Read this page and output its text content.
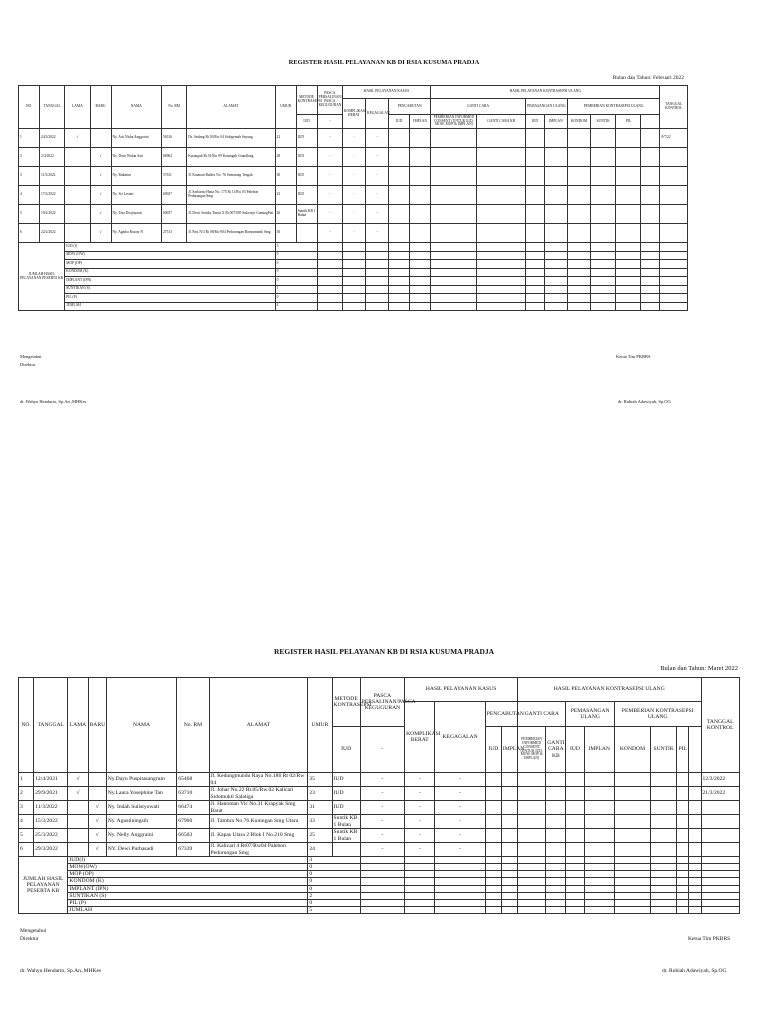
REGISTER HASIL PELAYANAN KB DI RSIA KUSUMA PRADJA
Bulan dan Tahun: Februari 2022
NO.	TANGGAL	LAMA	BARU	NAMA	No. RM	ALAMAT	UMUR	METODE KONTRASEPSI	PASCA PERSALINAN/ PASCA KEGUGURAN	HASIL PELAYANAN KASUS				HASIL PELAYANAN KONTRASEPSI ULANG								TANGGAL KONTROL
										KOMPLIKASI BERAT	KEGAGALAN	PENCABUTAN		GANTI CARA		PEMASANGAN ULANG		PEMBERIAN KONTRASEPSI ULANG				
								IUD	-			IUD	IMPLAN	PEMBERIAN INFORMED CONSENT (UNTUK IUD, MOW, MOP & IMPLAN)	GANTI CARA KB	IUD	IMPLAN	KONDOM	SUNTIK	PIL		
1	24/3/2022	√		Ny. Arti Nisha Anggraini	56316	Ds. Sedang Rt 03/Rw 04 Sidogemah Sayung	22	IUD	-	-	-											8/7/22
2	2/3/2022		√	Ny. Desti Wulan Sari	66962	Kasanguh Rt 01/Rw 09 Kasanguh Grandlung	28	IUD	-	-	-											
3	11/3/2022		√	Ny. Rukmini	57611	Jl. Kauman Baldes No. 76 Semarang Tengah	30	IUD	-	-	-											
4	17/2/2022		√	Ny. Sri Lestari	60037	Jl. Sarkarno Hatta No. 175 Rt 11/Rw 03 Palebon Pedurungan Smg	23	IUD	-	-	-											
5	19/2/2022		√	Ny. Tina Dwijayanti	60037	Jl. Dewi Sartika Timur X Rt 007/005 Sukorejo GunungPati	26	Suntik KB 1 Bulan	-	-	-											
6	22/2/2022		√	Ny. Agatha Rosaty N	27513	Jl. Pasi N/3 Rt 08/Rw 004 Pedurungan Banyumanik Smg	30		-	-	-											
JUMLAH HASIL PELAYANAN PESERTA KB		IUD (I)					3															
		MOW (OW)					0															
		MOP (OP)					0															
		KONDOM (K)					0															
		IMPLANT (IPN)					0															
		SUNTIKAN (S)					1															
		PIL (P)					0															
		JUMLAH					4															
Mengetahui
Direktur
Ketua Tim PKBRS
dr. Wahyu Hendarto, Sp.An.,MHKes	dr. Rubiah Adawiyah, Sp.OG
REGISTER HASIL PELAYANAN KB DI RSIA KUSUMA PRADJA
Bulan dan Tahun: Maret 2022
NO.	TANGGAL	LAMA	BARU	NAMA	No. RM	ALAMAT	UMUR	METODE KONTRASEPSI	PASCA PERSALINAN/PASCA KEGUGURAN	HASIL PELAYANAN KASUS				HASIL PELAYANAN KONTRASEPSI ULANG								TANGGAL KONTROL
										KOMPLIKASI BERAT	KEGAGALAN	PENCABUTAN		GANTI CARA		PEMASANGAN ULANG		PEMBERIAN KONTRASEPSI ULANG				
								IUD	-			IUD	IMPLAN	PEMBERIAN INFORMED CONSENT (UNTUK IUD, MOW, MOP & IMPLAN)	GANTI CARA KB	IUD	IMPLAN	KONDOM	SUNTIK	PIL		
1	12/4/2021	√		Ny.Dayu Puspitasangrum	65468	Jl. Kedungmundu Raya No.186 Rt 02/Rw 04	35	IUD	-	-	-											12/3/2022
2	29/9/2021	√		Ny.Laura Yosephine Tan	63710	Jl. Johar No.22 Rt.05/Rw.02 Kalicari Sidomukti Salatiga	23	IUD	-	-	-											21/3/2022
3	11/3/2022		√	Ny. Indah Sulistyowati	66474	Jl. Hanoman Vic No.31 Krapyak Smg Barat	31	IUD	-	-	-											
4	15/3/2022		√	Ny. Agustiningsih	67900	Jl. Tambra No.76 Kuningan Smg Utara	33	Suntik KB 1 Bulan	-	-	-											
5	25/3/2022		√	Ny. Nelly Anggraini	66503	Jl. Kapas Utara 2 Blok I No.210 Smg	25	Suntik KB 1 Bulan	-	-	-											
6	29/3/2022		√	NY. Dewi Purbasadi	67339	Jl. Kalicari 4 Rt07/Rw04 Palebon Pedurungan Smg	24		-	-	-											
JUMLAH HASIL PELAYANAN PESERTA KB		IUD(I)					3															
		MOW(OW)					0															
		MOP (OP)					0															
		KONDOM (K)					0															
		IMPLANT (IPN)					0															
		SUNTIKAN (S)					2															
		PIL (P)					0															
		JUMLAH					5															
Mengetahui
Direktur	Ketua Tim PKBRS
dr. Wahyu Hendarto, Sp.An.,MHKes	dr. Rubiah Adawiyah, Sp.OG
